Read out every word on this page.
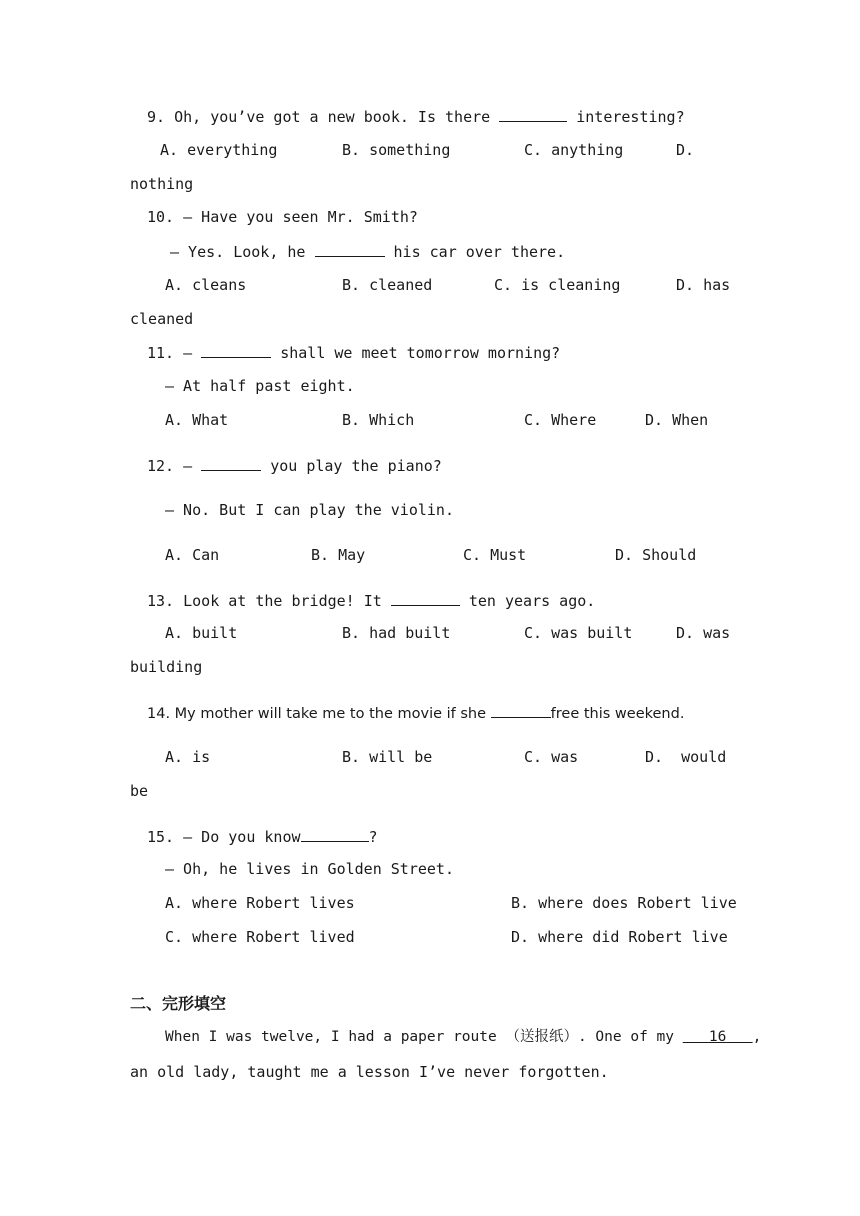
9. Oh, you’ve got a new book. Is there	interesting?
A. everything	B. something	C. anything	D.
nothing
10. — Have you seen Mr. Smith?
— Yes. Look, he	his car over there.
A. cleans	B. cleaned	C. is cleaning	D. has
cleaned
11. —	shall we meet tomorrow morning?
— At half past eight.
A. What	B. Which	C. Where	D. When
12. —	you play the piano?
— No. But I can play the violin.
A. Can	B. May	C. Must	D. Should
13. Look at the bridge! It	ten years ago.
A. built	B. had built	C. was built	D. was
building
14. My mother will take me to the movie if she	free this weekend.
A. is	B. will be	C. was	D.  would
be
15. — Do you know	?
— Oh, he lives in Golden Street.
A. where Robert lives	B. where does Robert live
C. where Robert lived	D. where did Robert live
二、完形填空
When I was twelve, I had a paper route （送报纸）. One of my    16 ,
an old lady, taught me a lesson I’ve never forgotten.
